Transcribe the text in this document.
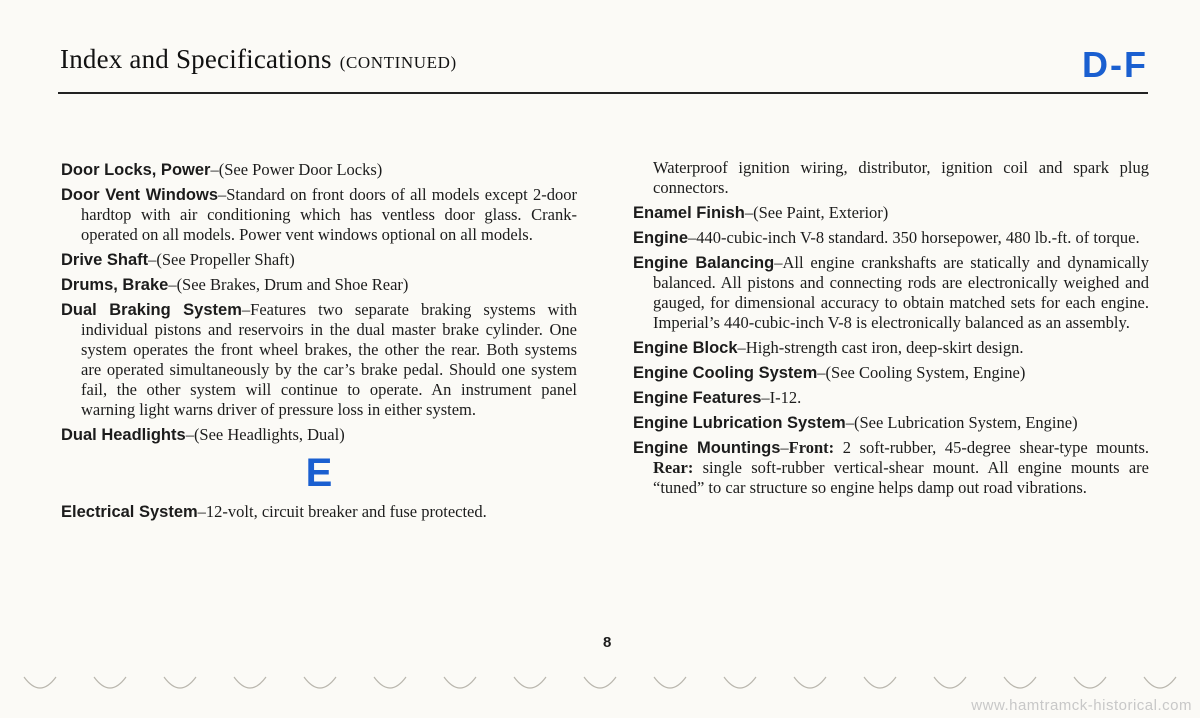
Index and Specifications (CONTINUED)	D-F

Door Locks, Power–(See Power Door Locks)

Door Vent Windows–Standard on front doors of all models except 2-door hardtop with air conditioning which has ventless door glass. Crank-operated on all models. Power vent windows optional on all models.

Drive Shaft–(See Propeller Shaft)

Drums, Brake–(See Brakes, Drum and Shoe Rear)

Dual Braking System–Features two separate braking systems with individual pistons and reservoirs in the dual master brake cylinder. One system operates the front wheel brakes, the other the rear. Both systems are operated simultaneously by the car’s brake pedal. Should one system fail, the other system will continue to operate. An instrument panel warning light warns driver of pressure loss in either system.

Dual Headlights–(See Headlights, Dual)

E

Electrical System–12-volt, circuit breaker and fuse protected.

Waterproof ignition wiring, distributor, ignition coil and spark plug connectors.

Enamel Finish–(See Paint, Exterior)

Engine–440-cubic-inch V-8 standard. 350 horsepower, 480 lb.-ft. of torque.

Engine Balancing–All engine crankshafts are statically and dynamically balanced. All pistons and connecting rods are electronically weighed and gauged, for dimensional accuracy to obtain matched sets for each engine. Imperial’s 440-cubic-inch V-8 is electronically balanced as an assembly.

Engine Block–High-strength cast iron, deep-skirt design.

Engine Cooling System–(See Cooling System, Engine)

Engine Features–I-12.

Engine Lubrication System–(See Lubrication System, Engine)

Engine Mountings–Front: 2 soft-rubber, 45-degree shear-type mounts. Rear: single soft-rubber vertical-shear mount. All engine mounts are “tuned” to car structure so engine helps damp out road vibrations.

8
www.hamtramck-historical.com
